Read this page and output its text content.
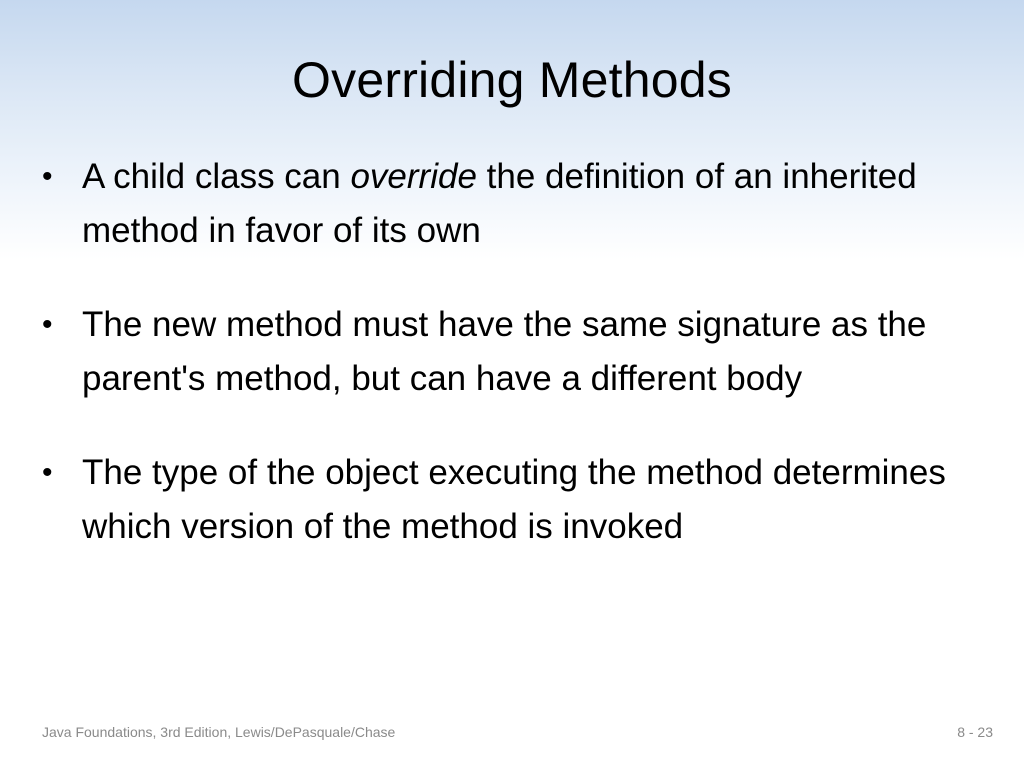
Overriding Methods
• A child class can override the definition of an inherited method in favor of its own
• The new method must have the same signature as the parent's method, but can have a different body
• The type of the object executing the method determines which version of the method is invoked
Java Foundations, 3rd Edition, Lewis/DePasquale/Chase	8 - 23
